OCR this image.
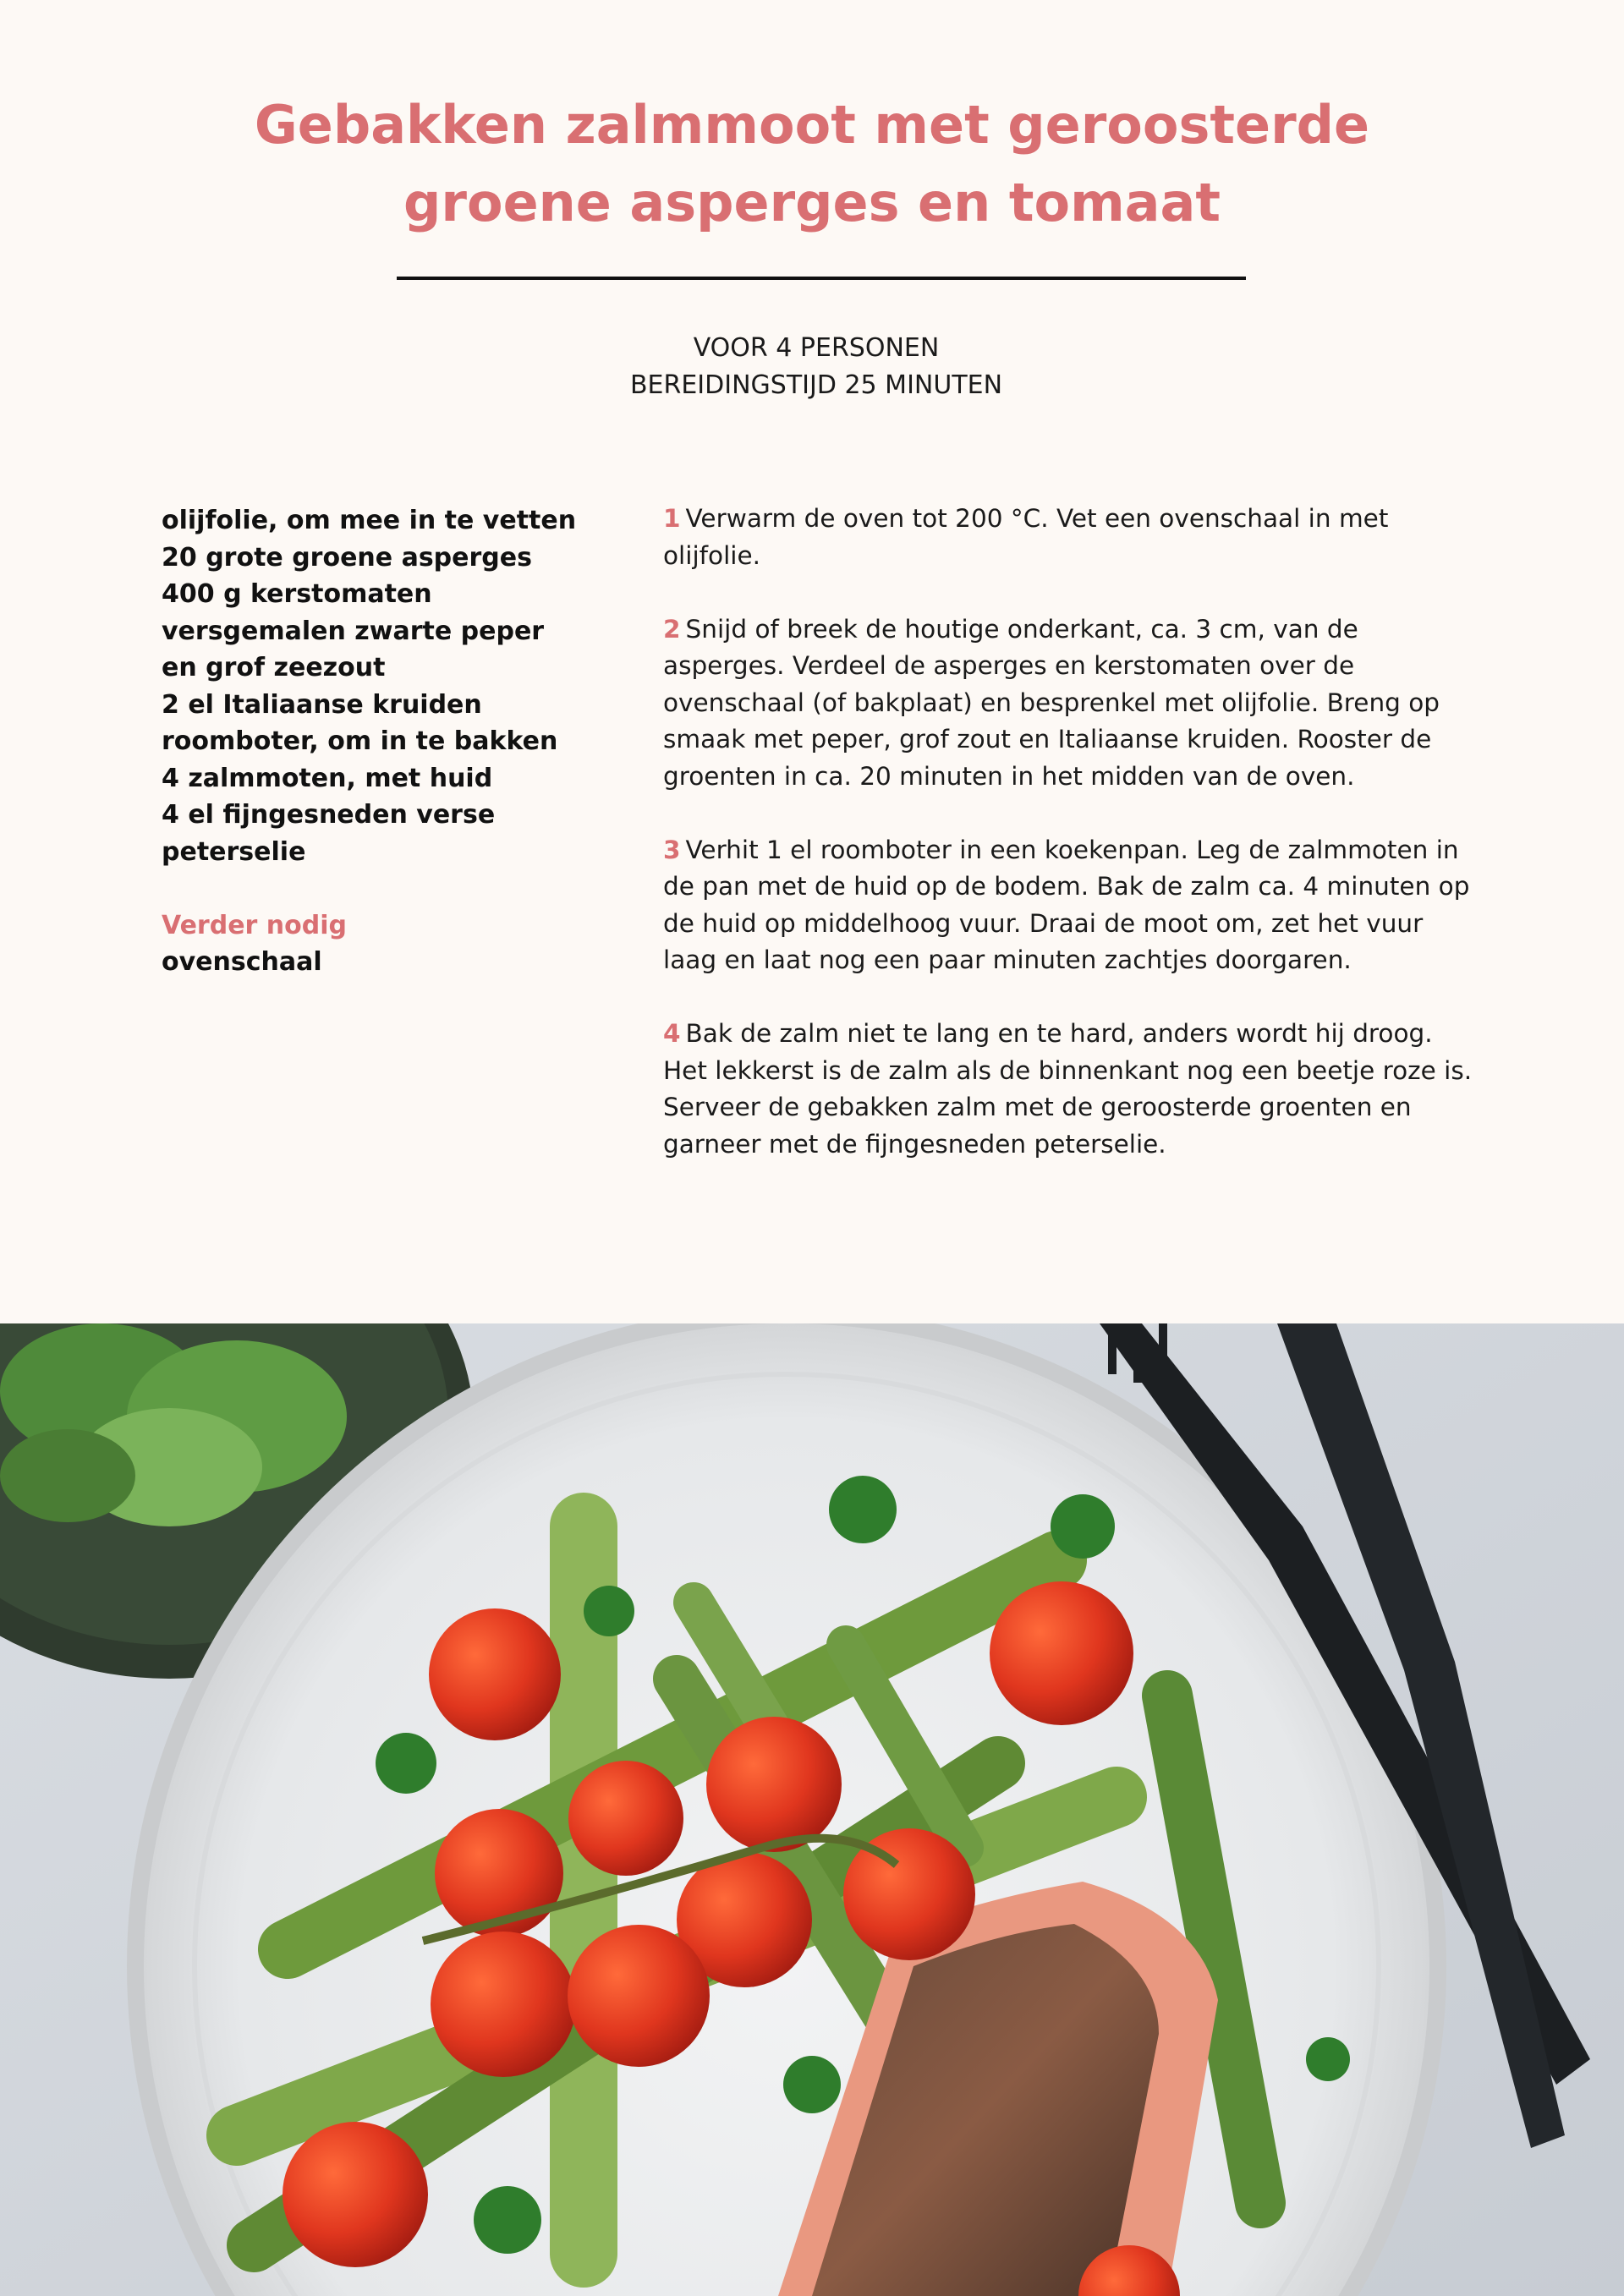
Gebakken zalmmoot met geroosterde
groene asperges en tomaat
VOOR 4 PERSONEN
BEREIDINGSTIJD 25 MINUTEN
olijfolie, om mee in te vetten
20 grote groene asperges
400 g kerstomaten
versgemalen zwarte peper
en grof zeezout
2 el Italiaanse kruiden
roomboter, om in te bakken
4 zalmmoten, met huid
4 el fijngesneden verse
peterselie
Verder nodig
ovenschaal

1 Verwarm de oven tot 200 °C. Vet een ovenschaal in met olijfolie.

2 Snijd of breek de houtige onderkant, ca. 3 cm, van de asperges. Verdeel de asperges en kerstomaten over de ovenschaal (of bakplaat) en besprenkel met olijfolie. Breng op smaak met peper, grof zout en Italiaanse kruiden. Rooster de groenten in ca. 20 minuten in het midden van de oven.

3 Verhit 1 el roomboter in een koekenpan. Leg de zalmmoten in de pan met de huid op de bodem. Bak de zalm ca. 4 minuten op de huid op middelhoog vuur. Draai de moot om, zet het vuur laag en laat nog een paar minuten zachtjes doorgaren.

4 Bak de zalm niet te lang en te hard, anders wordt hij droog. Het lekkerst is de zalm als de binnenkant nog een beetje roze is. Serveer de gebakken zalm met de geroosterde groenten en garneer met de fijngesneden peterselie.
